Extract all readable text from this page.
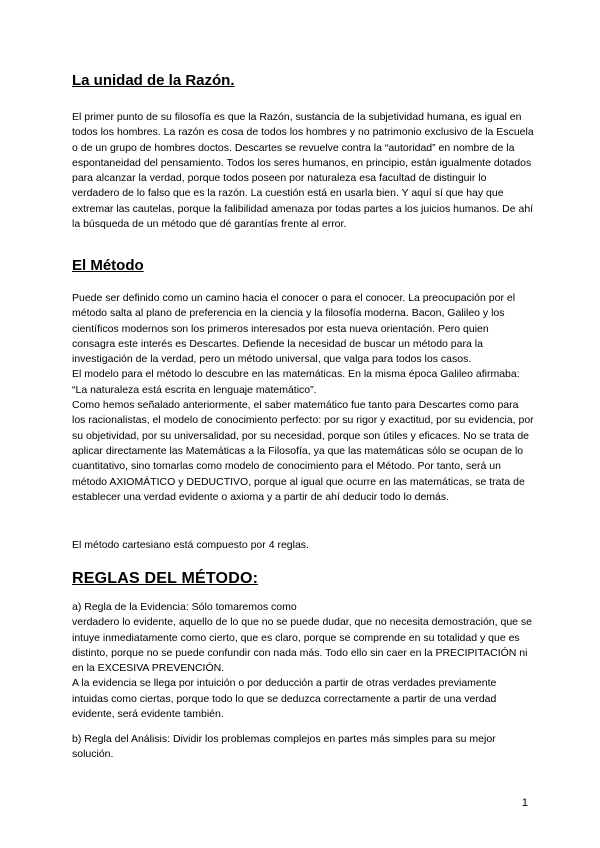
La unidad de la Razón.

El primer punto de su filosofía es que la Razón, sustancia de la subjetividad humana, es igual en todos los hombres. La razón es cosa de todos los hombres y no patrimonio exclusivo de la Escuela o de un grupo de hombres doctos. Descartes se revuelve contra la “autoridad” en nombre de la espontaneidad del pensamiento. Todos los seres humanos, en principio, están igualmente dotados para alcanzar la verdad, porque todos poseen por naturaleza esa facultad de distinguir lo verdadero de lo falso que es la razón. La cuestión está en usarla bien. Y aquí sí que hay que extremar las cautelas, porque la falibilidad amenaza por todas partes a los juicios humanos. De ahí la búsqueda de un método que dé garantías frente al error.

El Método

Puede ser definido como un camino hacia el conocer o para el conocer. La preocupación por el método salta al plano de preferencia en la ciencia y la filosofía moderna. Bacon, Galileo y los científicos modernos son los primeros interesados por esta nueva orientación. Pero quien consagra este interés es Descartes. Defiende la necesidad de buscar un método para la investigación de la verdad, pero un método universal, que valga para todos los casos.

El modelo para el método lo descubre en las matemáticas. En la misma época Galileo afirmaba: “La naturaleza está escrita en lenguaje matemático”.

Como hemos señalado anteriormente, el saber matemático fue tanto para Descartes como para los racionalistas, el modelo de conocimiento perfecto: por su rigor y exactitud, por su evidencia, por su objetividad, por su universalidad, por su necesidad, porque son útiles y eficaces. No se trata de aplicar directamente las Matemáticas a la Filosofía, ya que las matemáticas sólo se ocupan de lo cuantitativo, sino tomarlas como modelo de conocimiento para el Método. Por tanto, será un método AXIOMÁTICO y DEDUCTIVO, porque al igual que ocurre en las matemáticas, se trata de establecer una verdad evidente o axioma y a partir de ahí deducir todo lo demás.

El método cartesiano está compuesto por 4 reglas.

REGLAS DEL MÉTODO:

a) Regla de la Evidencia: Sólo tomaremos como

verdadero lo evidente, aquello de lo que no se puede dudar, que no necesita demostración, que se intuye inmediatamente como cierto, que es claro, porque se comprende en su totalidad y que es distinto, porque no se puede confundir con nada más. Todo ello sin caer en la PRECIPITACIÓN ni en la EXCESIVA PREVENCIÓN.

A la evidencia se llega por intuición o por deducción a partir de otras verdades previamente intuidas como ciertas, porque todo lo que se deduzca correctamente a partir de una verdad evidente, será evidente también.

b) Regla del Análisis: Dividir los problemas complejos en partes más simples para su mejor solución.

1
